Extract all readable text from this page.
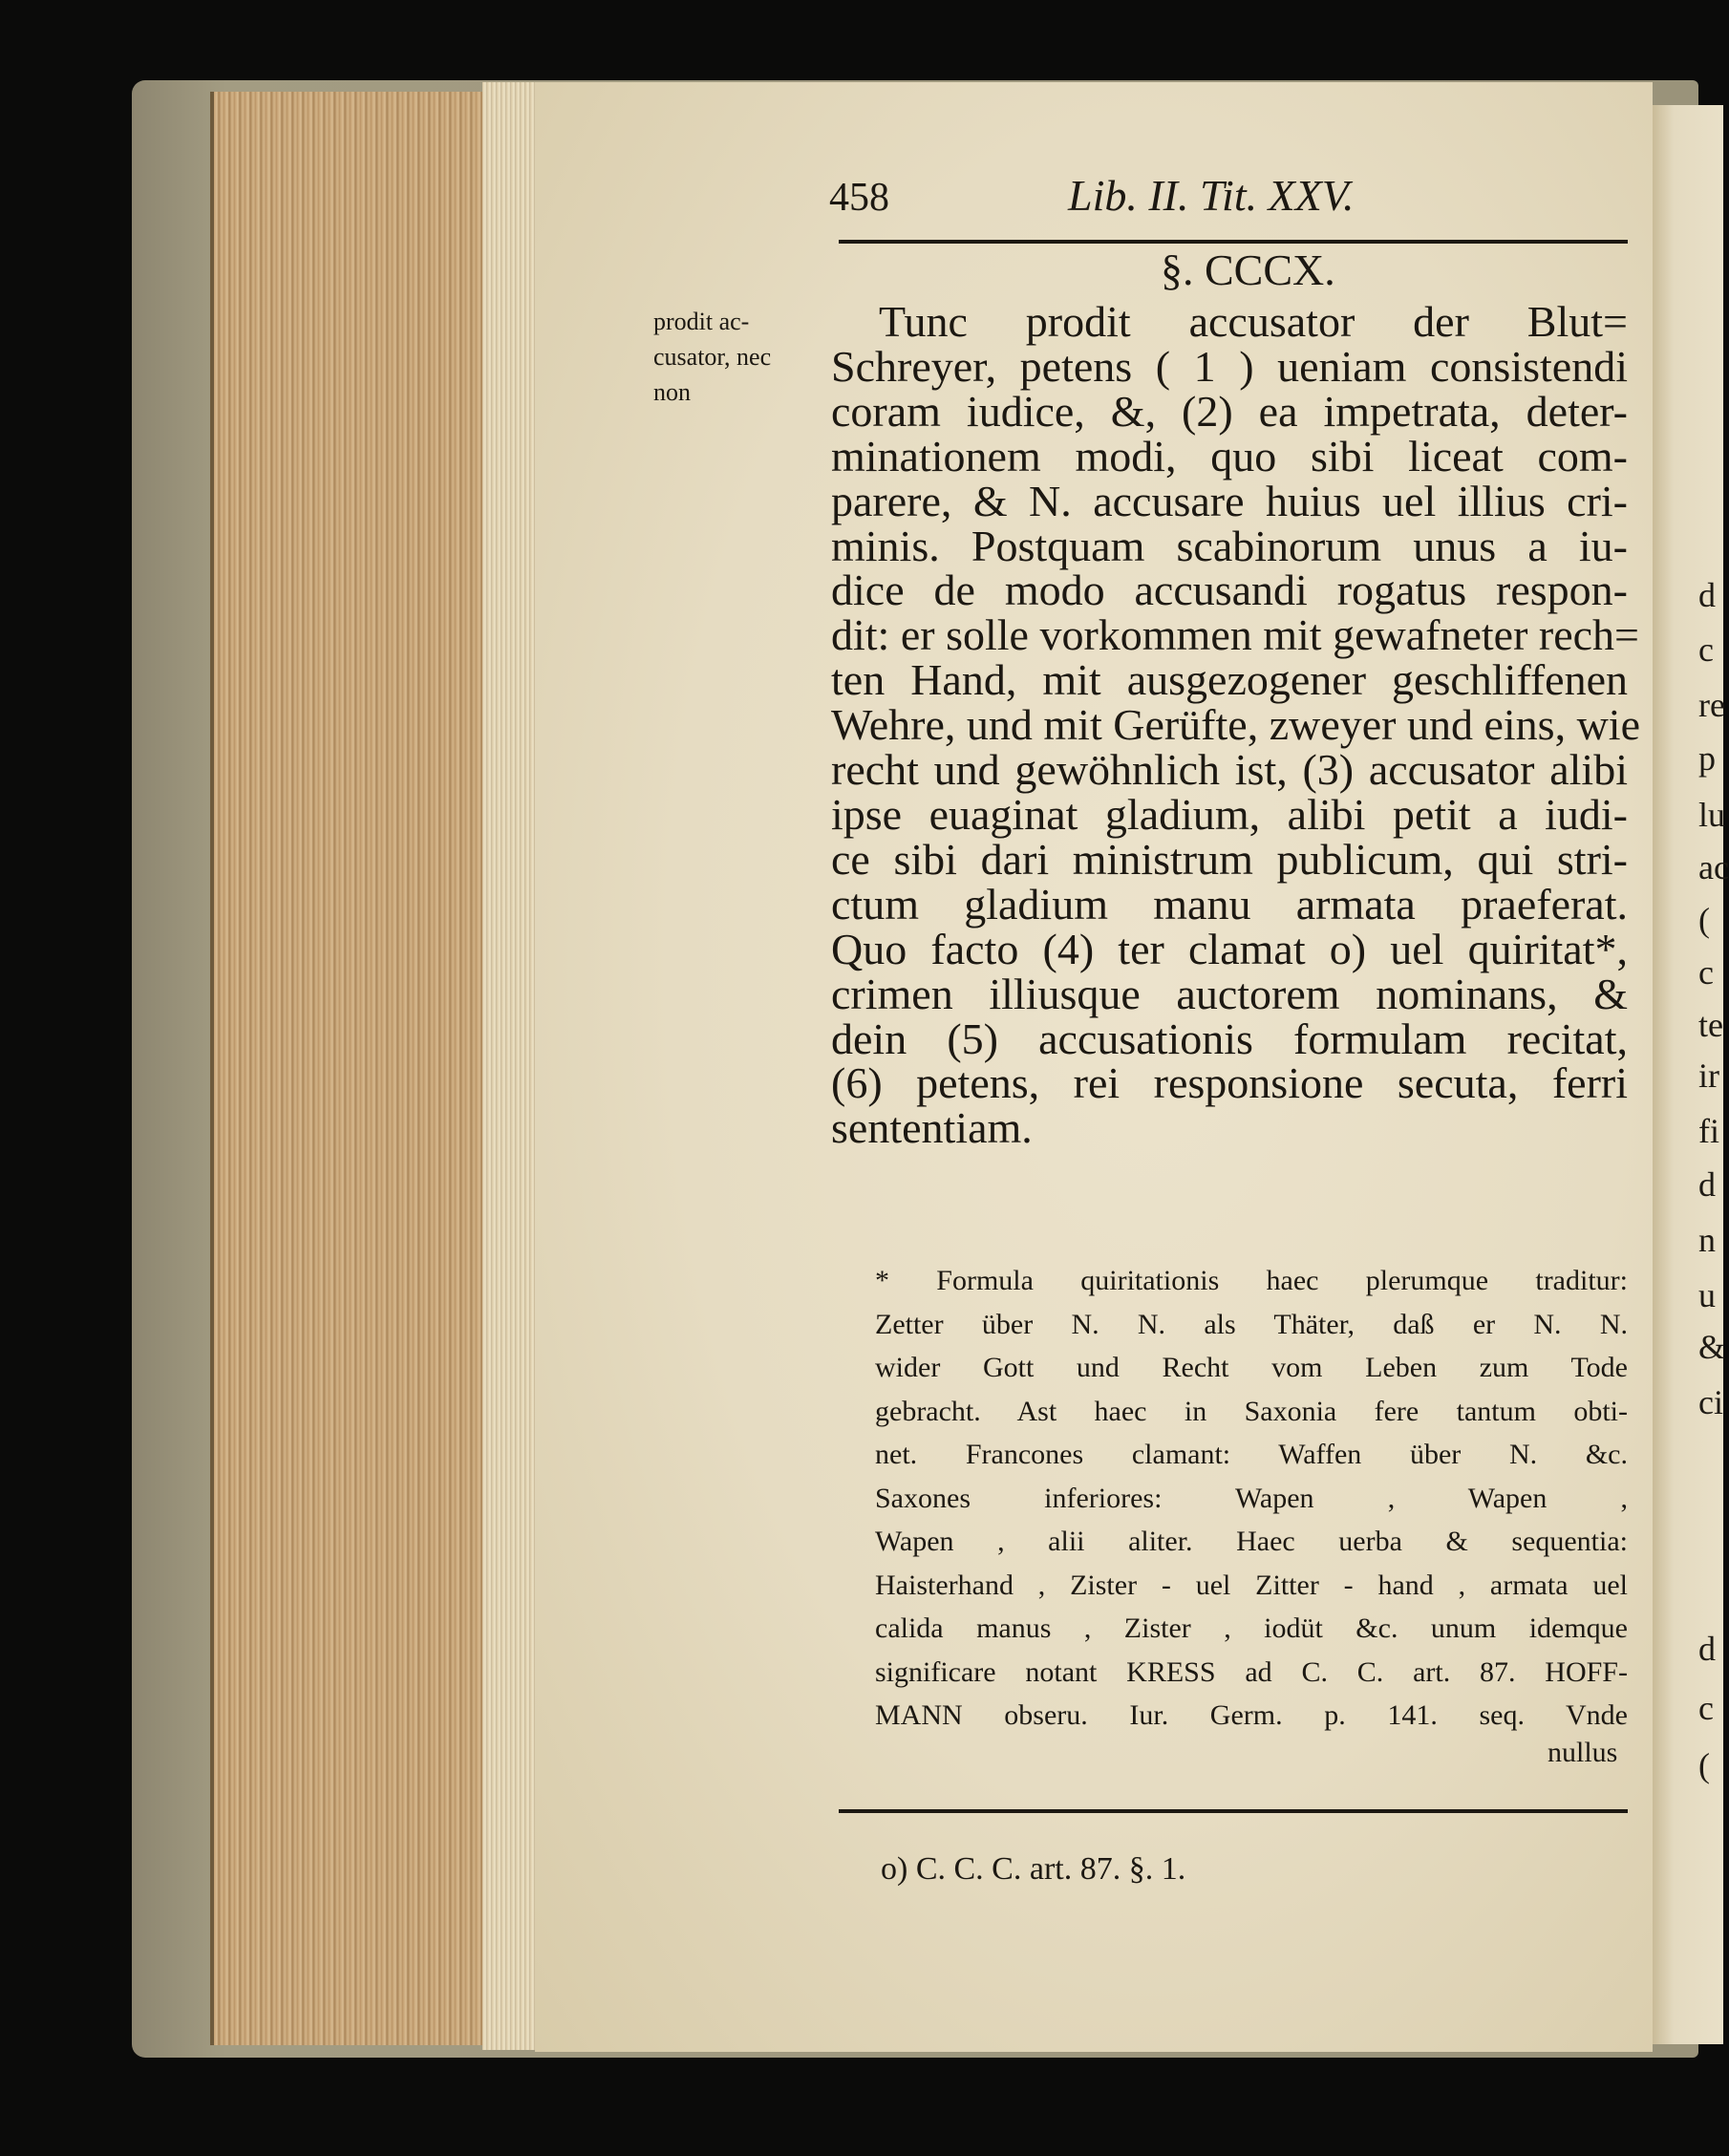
d
c
re
p
lu
ac
(
c
te
ir
fi
d
n
u
&
ci
d
c
(
458	Lib. II. Tit. XXV.
§. CCCX.
prodit ac-
cusator, nec
non
Tunc prodit accusator der Blut=
Schreyer, petens ( 1 ) ueniam consistendi
coram iudice, &, (2) ea impetrata, deter-
minationem modi, quo sibi liceat com-
parere, & N. accusare huius uel illius cri-
minis. Postquam scabinorum unus a iu-
dice de modo accusandi rogatus respon-
dit: er solle vorkommen mit gewafneter rech=
ten Hand, mit ausgezogener geschliffenen
Wehre, und mit Gerüfte, zweyer und eins, wie
recht und gewöhnlich ist, (3) accusator alibi
ipse euaginat gladium, alibi petit a iudi-
ce sibi dari ministrum publicum, qui stri-
ctum gladium manu armata praeferat.
Quo facto (4) ter clamat o) uel quiritat*,
crimen illiusque auctorem nominans, &
dein (5) accusationis formulam recitat,
(6) petens, rei responsione secuta, ferri
sententiam.
* Formula quiritationis haec plerumque traditur:
Zetter über N. N. als Thäter, daß er N. N.
wider Gott und Recht vom Leben zum Tode
gebracht. Ast haec in Saxonia fere tantum obti-
net. Francones clamant: Waffen über N. &c.
Saxones inferiores: Wapen , Wapen ,
Wapen , alii aliter. Haec uerba & sequentia:
Haisterhand , Zister - uel Zitter - hand , armata uel
calida manus , Zister , iodüt &c. unum idemque
significare notant KRESS ad C. C. art. 87. HOFF-
MANN obseru. Iur. Germ. p. 141. seq. Vnde
nullus
o) C. C. C. art. 87. §. 1.
